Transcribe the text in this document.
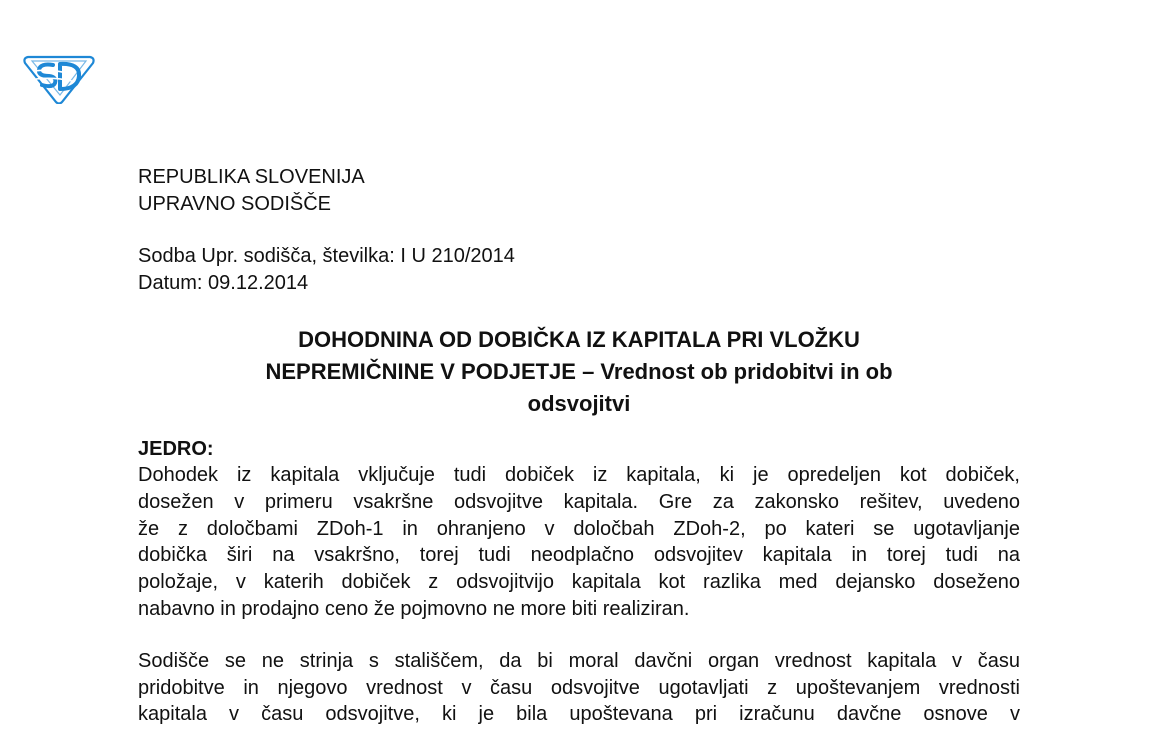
REPUBLIKA SLOVENIJA

UPRAVNO SODIŠČE

Sodba Upr. sodišča, številka: I U 210/2014

Datum: 09.12.2014

DOHODNINA OD DOBIČKA IZ KAPITALA PRI VLOŽKU
NEPREMIČNINE V PODJETJE – Vrednost ob pridobitvi in ob
odsvojitvi

JEDRO:

Dohodek iz kapitala vključuje tudi dobiček iz kapitala, ki je opredeljen kot dobiček,
dosežen v primeru vsakršne odsvojitve kapitala. Gre za zakonsko rešitev, uvedeno
že z določbami ZDoh-1 in ohranjeno v določbah ZDoh-2, po kateri se ugotavljanje
dobička širi na vsakršno, torej tudi neodplačno odsvojitev kapitala in torej tudi na
položaje, v katerih dobiček z odsvojitvijo kapitala kot razlika med dejansko doseženo
nabavno in prodajno ceno že pojmovno ne more biti realiziran.

Sodišče se ne strinja s stališčem, da bi moral davčni organ vrednost kapitala v času
pridobitve in njegovo vrednost v času odsvojitve ugotavljati z upoštevanjem vrednosti
kapitala v času odsvojitve, ki je bila upoštevana pri izračunu davčne osnove v
